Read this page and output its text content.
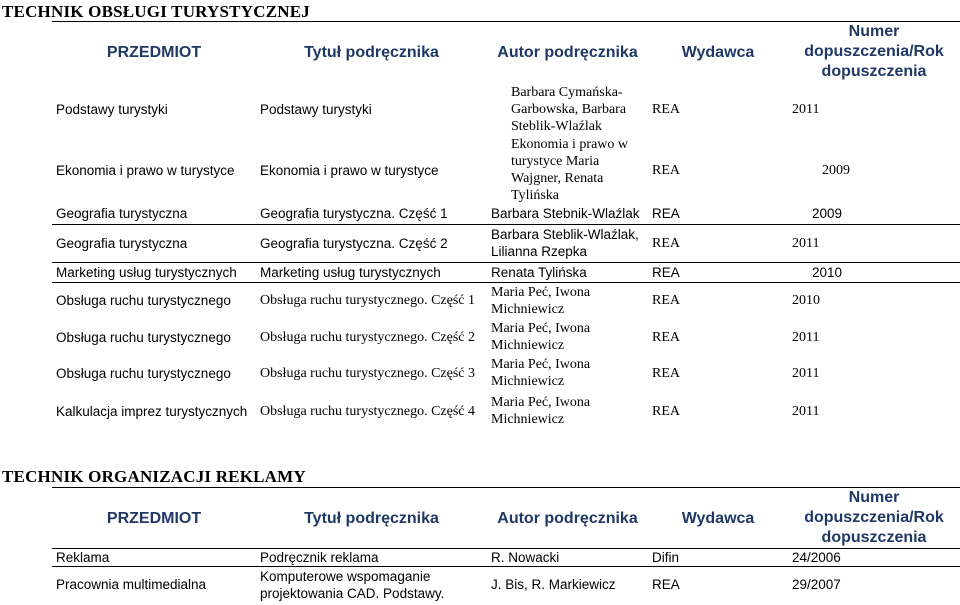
TECHNIK OBSŁUGI TURYSTYCZNEJ
PRZEDMIOT	Tytuł podręcznika	Autor podręcznika	Wydawca	Numer dopuszczenia/Rok dopuszczenia
Podstawy turystyki	Podstawy turystyki	Barbara Cymańska-Garbowska, Barbara Steblik-Wlaźlak	REA	2011
Ekonomia i prawo w turystyce	Ekonomia i prawo w turystyce	Ekonomia i prawo w turystyce Maria Wajgner, Renata Tylińska	REA	2009
Geografia turystyczna	Geografia turystyczna. Część 1	Barbara Stebnik-Wlaźlak	REA	2009
Geografia turystyczna	Geografia turystyczna. Część 2	Barbara Steblik-Wlaźlak, Lilianna Rzepka	REA	2011
Marketing usług turystycznych	Marketing usług turystycznych	Renata Tylińska	REA	2010
Obsługa ruchu turystycznego	Obsługa ruchu turystycznego. Część 1	Maria Peć, Iwona Michniewicz	REA	2010
Obsługa ruchu turystycznego	Obsługa ruchu turystycznego. Część 2	Maria Peć, Iwona Michniewicz	REA	2011
Obsługa ruchu turystycznego	Obsługa ruchu turystycznego. Część 3	Maria Peć, Iwona Michniewicz	REA	2011
Kalkulacja imprez turystycznych	Obsługa ruchu turystycznego. Część 4	Maria Peć, Iwona Michniewicz	REA	2011
TECHNIK ORGANIZACJI REKLAMY
PRZEDMIOT	Tytuł podręcznika	Autor podręcznika	Wydawca	Numer dopuszczenia/Rok dopuszczenia
Reklama	Podręcznik reklama	R. Nowacki	Difin	24/2006
Pracownia multimedialna	Komputerowe wspomaganie projektowania CAD. Podstawy.	J. Bis, R. Markiewicz	REA	29/2007
